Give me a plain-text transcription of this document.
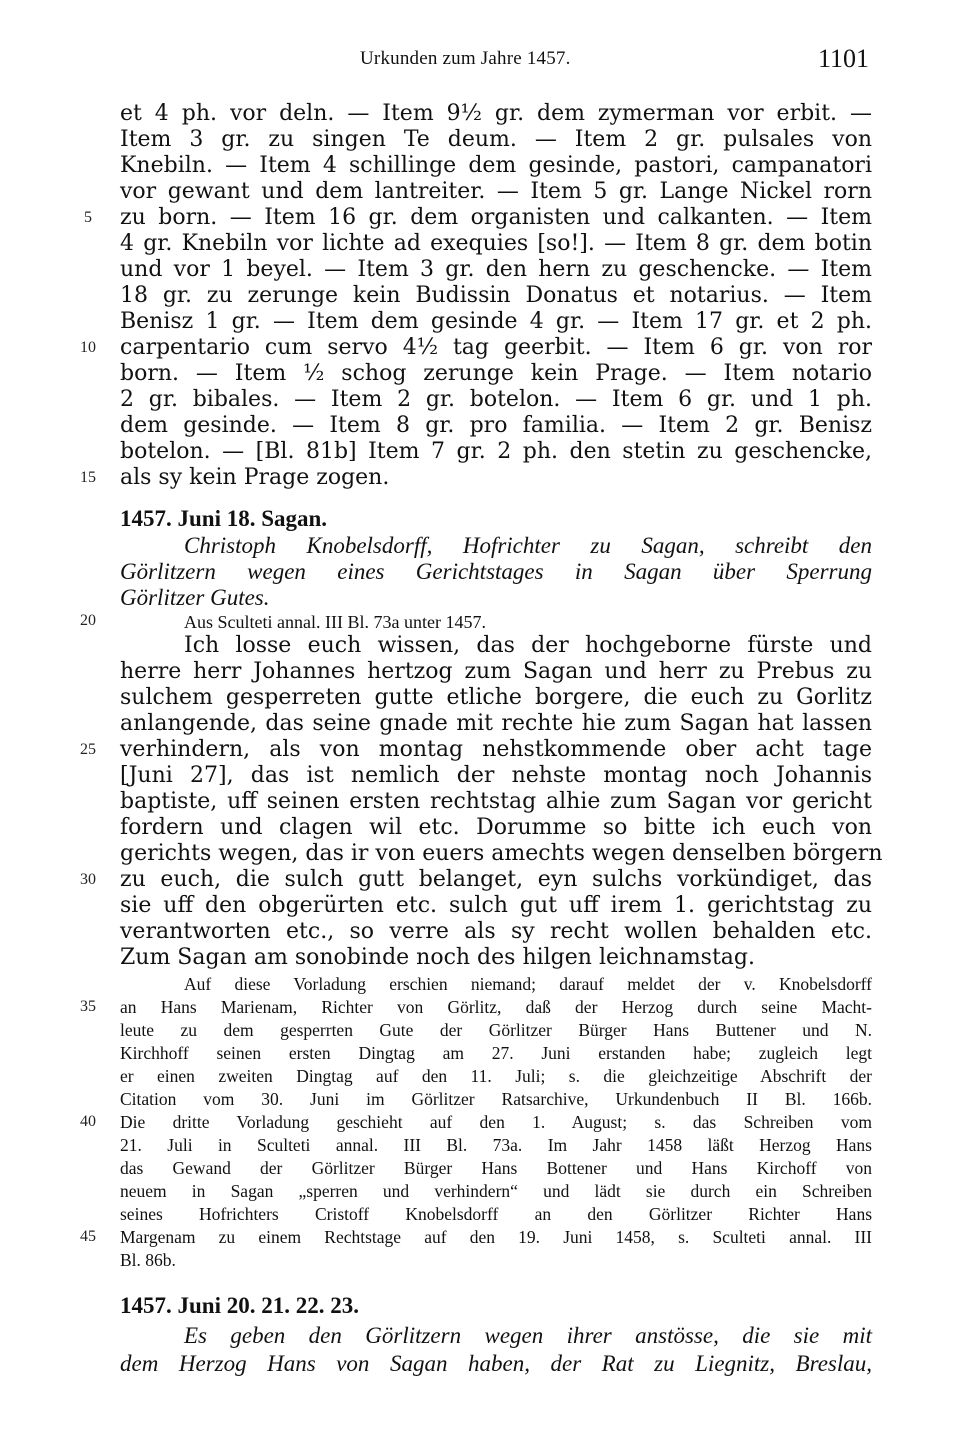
Urkunden zum Jahre 1457.	1101
et 4 ph. vor deln. — Item 9½ gr. dem zymerman vor erbit. —
Item 3 gr. zu singen Te deum. — Item 2 gr. pulsales von
Knebiln. — Item 4 schillinge dem gesinde, pastori, campanatori
vor gewant und dem lantreiter. — Item 5 gr. Lange Nickel rorn
zu born. — Item 16 gr. dem organisten und calkanten. — Item
4 gr. Knebiln vor lichte ad exequies [so!]. — Item 8 gr. dem botin
und vor 1 beyel. — Item 3 gr. den hern zu geschencke. — Item
18 gr. zu zerunge kein Budissin Donatus et notarius. — Item
Benisz 1 gr. — Item dem gesinde 4 gr. — Item 17 gr. et 2 ph.
carpentario cum servo 4½ tag geerbit. — Item 6 gr. von ror
born. — Item ½ schog zerunge kein Prage. — Item notario
2 gr. bibales. — Item 2 gr. botelon. — Item 6 gr. und 1 ph.
dem gesinde. — Item 8 gr. pro familia. — Item 2 gr. Benisz
botelon. — [Bl. 81b] Item 7 gr. 2 ph. den stetin zu geschencke,
als sy kein Prage zogen.
1457. Juni 18. Sagan.
Christoph Knobelsdorff, Hofrichter zu Sagan, schreibt den
Görlitzern wegen eines Gerichtstages in Sagan über Sperrung
Görlitzer Gutes.
Aus Sculteti annal. III Bl. 73a unter 1457.
Ich losse euch wissen, das der hochgeborne fürste und
herre herr Johannes hertzog zum Sagan und herr zu Prebus zu
sulchem gesperreten gutte etliche borgere, die euch zu Gorlitz
anlangende, das seine gnade mit rechte hie zum Sagan hat lassen
verhindern, als von montag nehstkommende ober acht tage
[Juni 27], das ist nemlich der nehste montag noch Johannis
baptiste, uff seinen ersten rechtstag alhie zum Sagan vor gericht
fordern und clagen wil etc. Dorumme so bitte ich euch von
gerichts wegen, das ir von euers amechts wegen denselben börgern
zu euch, die sulch gutt belanget, eyn sulchs vorkündiget, das
sie uff den obgerürten etc. sulch gut uff irem 1. gerichtstag zu
verantworten etc., so verre als sy recht wollen behalden etc.
Zum Sagan am sonobinde noch des hilgen leichnamstag.
Auf diese Vorladung erschien niemand; darauf meldet der v. Knobelsdorff
an Hans Marienam, Richter von Görlitz, daß der Herzog durch seine Macht-
leute zu dem gesperrten Gute der Görlitzer Bürger Hans Buttener und N.
Kirchhoff seinen ersten Dingtag am 27. Juni erstanden habe; zugleich legt
er einen zweiten Dingtag auf den 11. Juli; s. die gleichzeitige Abschrift der
Citation vom 30. Juni im Görlitzer Ratsarchive, Urkundenbuch II Bl. 166b.
Die dritte Vorladung geschieht auf den 1. August; s. das Schreiben vom
21. Juli in Sculteti annal. III Bl. 73a. Im Jahr 1458 läßt Herzog Hans
das Gewand der Görlitzer Bürger Hans Bottener und Hans Kirchoff von
neuem in Sagan „sperren und verhindern“ und lädt sie durch ein Schreiben
seines Hofrichters Cristoff Knobelsdorff an den Görlitzer Richter Hans
Margenam zu einem Rechtstage auf den 19. Juni 1458, s. Sculteti annal. III
Bl. 86b.
1457. Juni 20. 21. 22. 23.
Es geben den Görlitzern wegen ihrer anstösse, die sie mit
dem Herzog Hans von Sagan haben, der Rat zu Liegnitz, Breslau,
5
10
15
20
25
30
35
40
45
